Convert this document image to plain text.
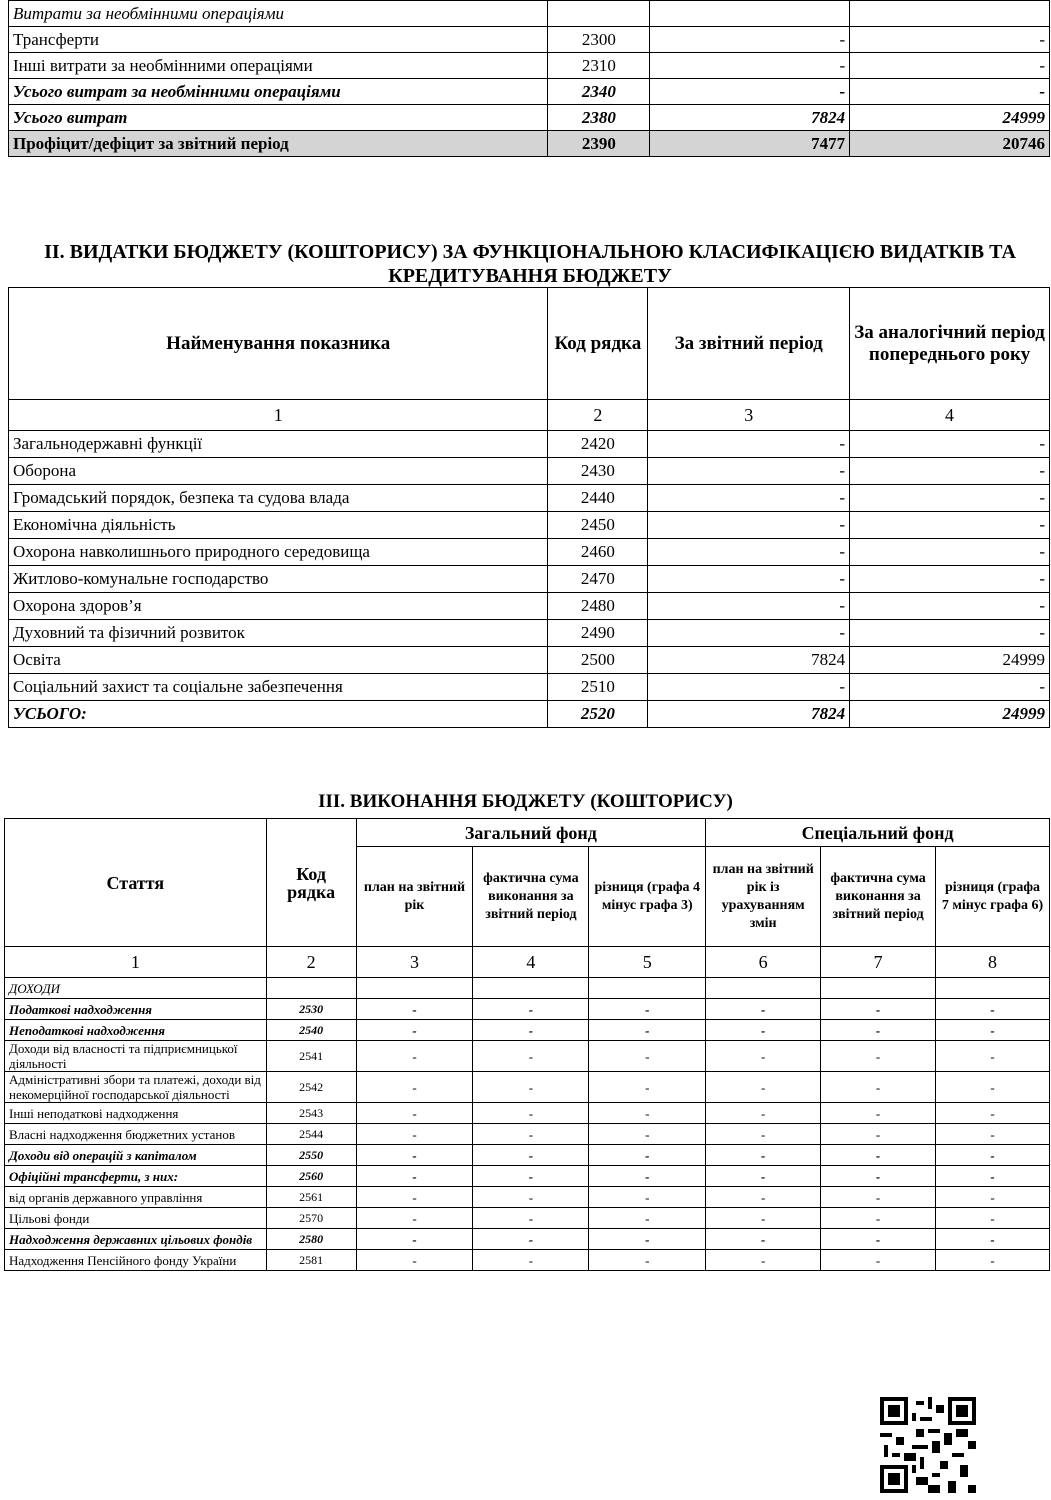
Витрати за необмінними операціями			
Трансферти	2300	-	-
Інші витрати за необмінними операціями	2310	-	-
Усього витрат за необмінними операціями	2340	-	-
Усього витрат	2380	7824	24999
Профіцит/дефіцит за звітний період	2390	7477	20746
ІІ. ВИДАТКИ БЮДЖЕТУ (КОШТОРИСУ) ЗА ФУНКЦІОНАЛЬНОЮ КЛАСИФІКАЦІЄЮ ВИДАТКІВ ТА КРЕДИТУВАННЯ БЮДЖЕТУ
Найменування показника	Код рядка	За звітний період	За аналогічний період попереднього року
1	2	3	4
Загальнодержавні функції	2420	-	-
Оборона	2430	-	-
Громадський порядок, безпека та судова влада	2440	-	-
Економічна діяльність	2450	-	-
Охорона навколишнього природного середовища	2460	-	-
Житлово-комунальне господарство	2470	-	-
Охорона здоров’я	2480	-	-
Духовний та фізичний розвиток	2490	-	-
Освіта	2500	7824	24999
Соціальний захист та соціальне забезпечення	2510	-	-
УСЬОГО:	2520	7824	24999
ІІІ. ВИКОНАННЯ БЮДЖЕТУ (КОШТОРИСУ)
Стаття	Код рядка	Загальний фонд			Спеціальний фонд		
		план на звітний рік	фактична сума виконання за звітний період	різниця (графа 4 мінус графа 3)	план на звітний рік із урахуванням змін	фактична сума виконання за звітний період	різниця (графа 7 мінус графа 6)
1	2	3	4	5	6	7	8
ДОХОДИ							
Податкові надходження	2530	-	-	-	-	-	-
Неподаткові надходження	2540	-	-	-	-	-	-
Доходи від власності та підприємницької діяльності	2541	-	-	-	-	-	-
Адміністративні збори та платежі, доходи від некомерційної господарської діяльності	2542	-	-	-	-	-	-
Інші неподаткові надходження	2543	-	-	-	-	-	-
Власні надходження бюджетних установ	2544	-	-	-	-	-	-
Доходи від операцій з капіталом	2550	-	-	-	-	-	-
Офіційні трансферти, з них:	2560	-	-	-	-	-	-
від органів державного управління	2561	-	-	-	-	-	-
Цільові фонди	2570	-	-	-	-	-	-
Надходження державних цільових фондів	2580	-	-	-	-	-	-
Надходження Пенсійного фонду України	2581	-	-	-	-	-	-
